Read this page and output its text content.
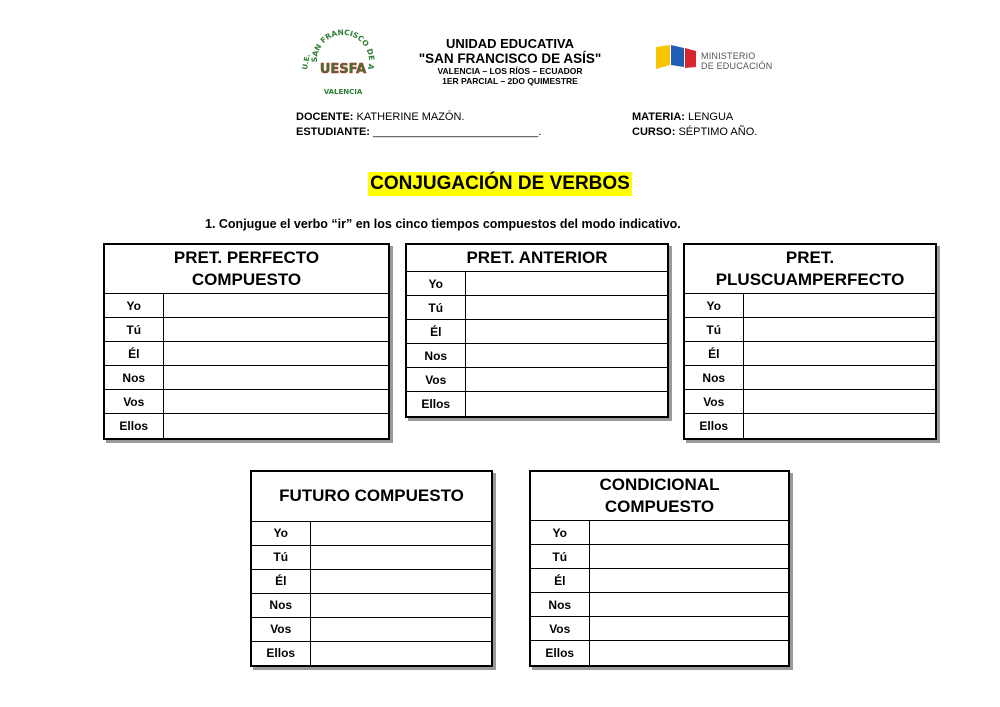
SAN FRANCISCO DE A
U.E. UESFA
VALENCIA
UNIDAD EDUCATIVA
"SAN FRANCISCO DE ASÍS"
VALENCIA – LOS RÍOS – ECUADOR
1ER PARCIAL – 2DO QUIMESTRE
MINISTERIO
DE EDUCACIÓN
DOCENTE: KATHERINE MAZÓN.
ESTUDIANTE: ___________________________.
MATERIA: LENGUA
CURSO: SÉPTIMO AÑO.
CONJUGACIÓN DE VERBOS
1. Conjugue el verbo “ir” en los cinco tiempos compuestos del modo indicativo.
PRET. PERFECTO
COMPUESTO	

Yo	
Tú	
Él	
Nos	
Vos	
Ellos	
PRET. ANTERIOR	

Yo	
Tú	
Él	
Nos	
Vos	
Ellos	
PRET.
PLUSCUAMPERFECTO	

Yo	
Tú	
Él	
Nos	
Vos	
Ellos	
FUTURO COMPUESTO	

Yo	
Tú	
Él	
Nos	
Vos	
Ellos	
CONDICIONAL
COMPUESTO	

Yo	
Tú	
Él	
Nos	
Vos	
Ellos	
